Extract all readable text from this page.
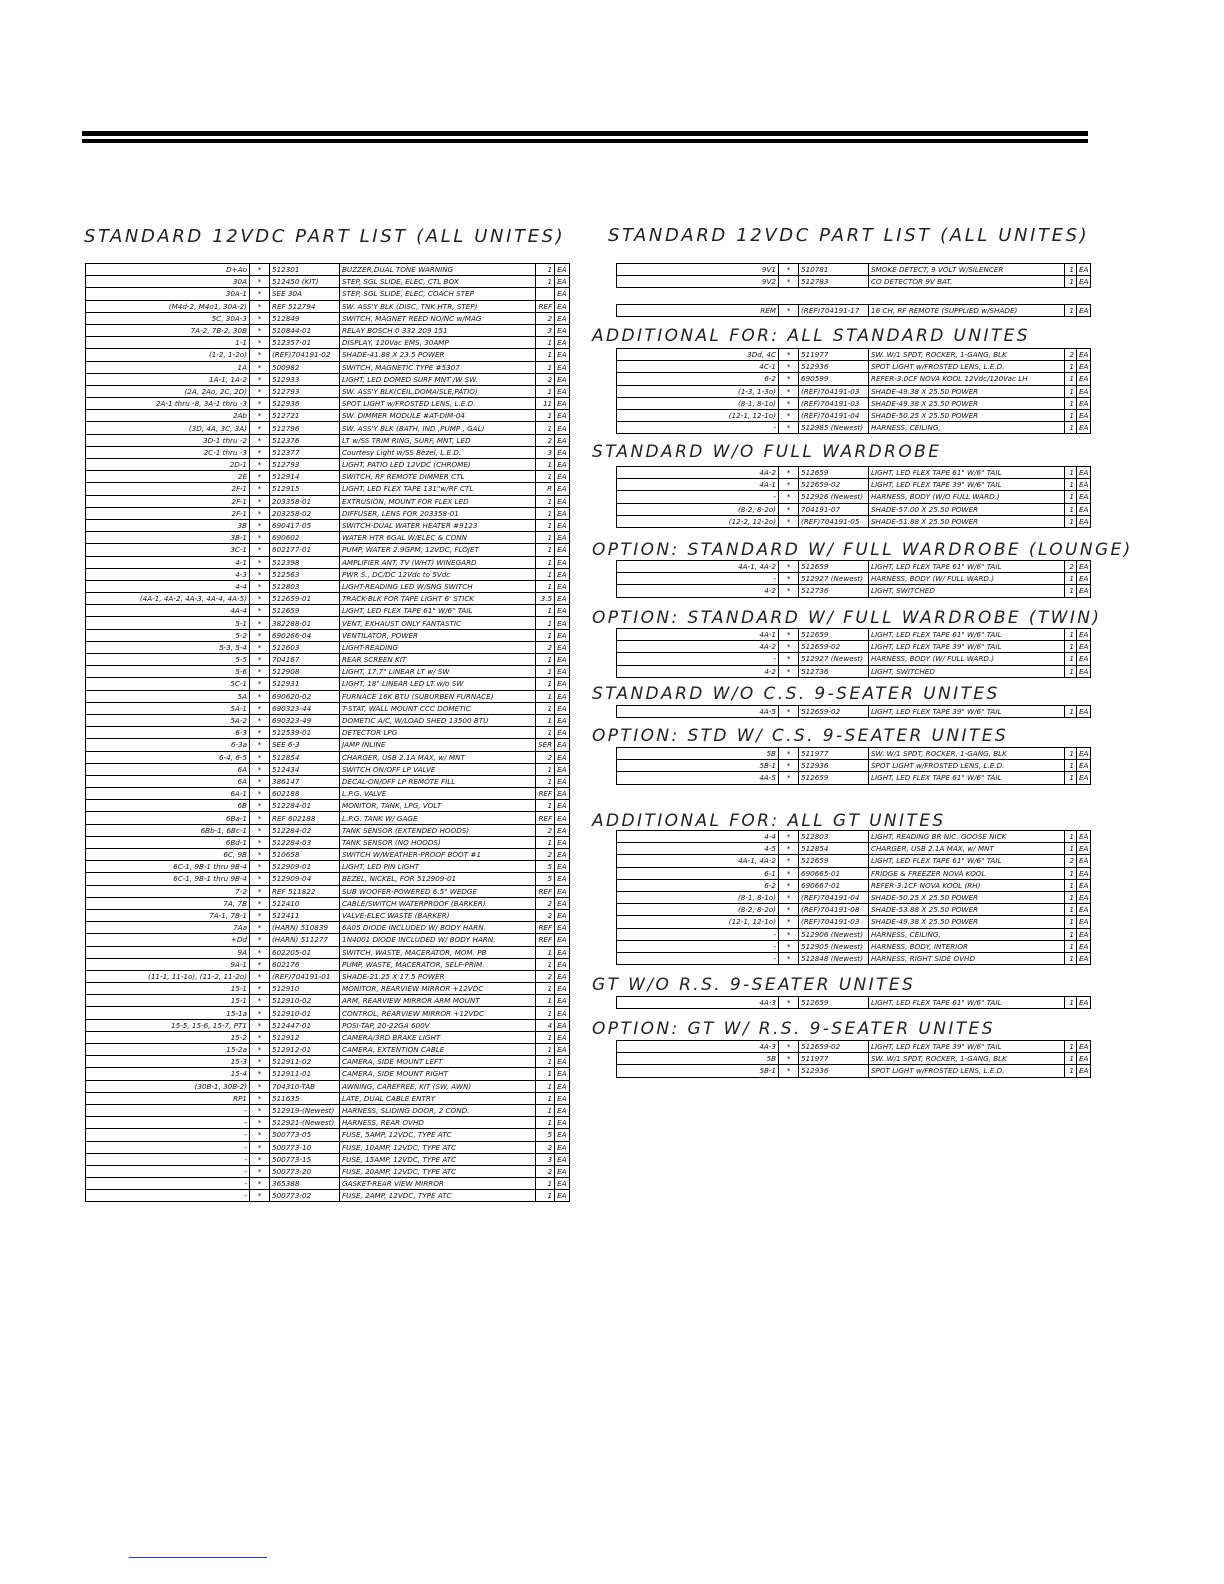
STANDARD 12VDC PART LIST (ALL UNITES) STANDARD 12VDC PART LIST (ALL UNITES)
D+Ao	*	512301	BUZZER,DUAL TONE WARNING	1	EA
30A	*	512450 (KIT)	STEP, SGL SLIDE, ELEC, CTL BOX	1	EA
30A-1	*	SEE 30A	STEP, SGL SLIDE, ELEC, COACH STEP		EA
(M4d-2, M4o1, 30A-2)	*	REF 512794	SW. ASS'Y BLK (DISC, TNK HTR, STEP)	REF	EA
5C, 30A-3	*	512849	SWITCH, MAGNET REED NO/NC w/MAG	2	EA
7A-2, 7B-2, 30B	*	510844-01	RELAY BOSCH 0 332 209 151	3	EA
1-1	*	512357-01	DISPLAY, 120Vac EMS, 30AMP	1	EA
(1-2, 1-2o)	*	(REF)704191-02	SHADE-41.88 X 23.5 POWER	1	EA
1A	*	500982	SWITCH, MAGNETIC TYPE #5307	1	EA
1A-1, 1A-2	*	512933	LIGHT, LED DOMED SURF MNT /W SW.	2	EA
(2A, 2Ao, 2C, 2D)	*	512793	SW. ASS'Y BLK(CEIL,DOMAISLE,PATIO)	1	EA
2A-1 thru -8, 3A-1 thru -3	*	512936	SPOT LIGHT w/FROSTED LENS, L.E.D.	11	EA
2Ab	*	512721	SW. DIMMER MODULE #AT-DIM-04	1	EA
(3D, 4A, 3C, 3A)	*	512796	SW. ASS'Y BLK (BATH, IND ,PUMP , GAL)	1	EA
3D-1 thru -2	*	512376	LT w/SS TRIM RING, SURF, MNT, LED	2	EA
2C-1 thru -3	*	512377	Courtesy Light w/SS Bezel, L.E.D.	3	EA
2D-1	*	512793	LIGHT, PATIO LED 12VDC (CHROME)	1	EA
2E	*	512914	SWITCH, RF REMOTE DIMMER CTL	1	EA
2F-1	*	512915	LIGHT, LED FLEX TAPE 131"w/RF CTL	R	EA
2F-1	*	203358-01	EXTRUSION, MOUNT FOR FLEX LED	1	EA
2F-1	*	203258-02	DIFFUSER, LENS FOR 203358-01	1	EA
3B	*	690417-05	SWITCH-DUAL WATER HEATER #9123	1	EA
3B-1	*	690602	WATER HTR 6GAL W/ELEC & CONN	1	EA
3C-1	*	602177-01	PUMP, WATER 2.9GPM, 12VDC, FLOJET	1	EA
4-1	*	512398	AMPLIFIER ANT, TV (WHT) WINEGARD	1	EA
4-3	*	512563	PWR S., DC/DC 12Vdc to 5Vdc	1	EA
4-4	*	512803	LIGHT-READING LED W/SNG SWITCH	1	EA
(4A-1, 4A-2, 4A-3, 4A-4, 4A-5)	*	512659-01	TRACK-BLK FOR TAPE LIGHT 6' STICK	3.5	EA
4A-4	*	512659	LIGHT, LED FLEX TAPE 61" W/6" TAIL	1	EA
5-1	*	382288-01	VENT, EXHAUST ONLY FANTASTIC	1	EA
5-2	*	690266-04	VENTILATOR, POWER	1	EA
5-3, 5-4	*	512603	LIGHT-READING	2	EA
5-5	*	704167	REAR SCREEN KIT	1	EA
5-6	*	512908	LIGHT, 17.7" LINEAR LT w/ SW	1	EA
5C-1	*	512931	LIGHT, 18" LINEAR LED LT w/o SW	1	EA
5A	*	690620-02	FURNACE 16K BTU (SUBURBEN FURNACE)	1	EA
5A-1	*	690323-44	T-STAT, WALL MOUNT CCC DOMETIC	1	EA
5A-2	*	690323-49	DOMETIC A/C, W/LOAD SHED 13500 BTU	1	EA
6-3	*	512539-01	DETECTOR LPG	1	EA
6-3a	*	SEE 6-3	JAMP INLINE	SER	EA
6-4, 6-5	*	512854	CHARGER, USB 2.1A MAX, w/ MNT	2	EA
6A	*	512434	SWITCH ON/OFF LP VALVE	1	EA
6A	*	386147	DECAL-ON/OFF LP REMOTE FILL	1	EA
6A-1	*	602188	L.P.G. VALVE	REF	EA
6B	*	512284-01	MONITOR, TANK, LPG, VOLT	1	EA
6Ba-1	*	REF 602188	L.P.G. TANK W/ GAGE	REF	EA
6Bb-1, 6Bc-1	*	512284-02	TANK SENSOR (EXTENDED HOODS)	2	EA
6Bd-1	*	512284-03	TANK SENSOR (NO HOODS)	1	EA
6C, 9B	*	510658	SWITCH W/WEATHER-PROOF BOOT #1	2	EA
6C-1, 9B-1 thru 9B-4	*	512909-01	LIGHT, LED PIN LIGHT	5	EA
6C-1, 9B-1 thru 9B-4	*	512909-04	BEZEL, NICKEL, FOR 512909-01	5	EA
7-2	*	REF 511822	SUB WOOFER-POWERED 6.5" WEDGE	REF	EA
7A, 7B	*	512410	CABLE/SWITCH WATERPROOF (BARKER)	2	EA
7A-1, 7B-1	*	512411	VALVE-ELEC.WASTE (BARKER)	2	EA
7Aa	*	(HARN) 510839	6A05 DIODE INCLUDED W/ BODY HARN.	REF	EA
+Dd	*	(HARN) 511277	1N4001 DIODE INCLUDED W/ BODY HARN.	REF	EA
9A	*	602205-01	SWITCH, WASTE, MACERATOR, MOM. PB	1	EA
9A-1	*	602176	PUMP, WASTE, MACERATOR, SELF-PRIM.	1	EA
(11-1, 11-1o), (11-2, 11-2o)	*	(REF)704191-01	SHADE-21.25 X 17.5 POWER	2	EA
15-1	*	512910	MONITOR, REARVIEW MIRROR +12VDC	1	EA
15-1	*	512910-02	ARM, REARVIEW MIRROR ARM MOUNT	1	EA
15-1a	*	512910-01	CONTROL, REARVIEW MIRROR +12VDC	1	EA
15-5, 15-6, 15-7, PT1	*	512447-01	POSI-TAP, 20-22GA 600V	4	EA
15-2	*	512912	CAMERA/3RD BRAKE LIGHT	1	EA
15-2a	*	512912-01	CAMERA, EXTENTION CABLE	1	EA
15-3	*	512911-02	CAMERA, SIDE MOUNT LEFT	1	EA
15-4	*	512911-01	CAMERA, SIDE MOUNT RIGHT	1	EA
(30B-1, 30B-2)	*	704310-TAB	AWNING, CAREFREE, KIT (SW, AWN)	1	EA
RP1	*	511635	LATE, DUAL CABLE ENTRY	1	EA
-	*	512919-(Newest)	HARNESS, SLIDING DOOR, 2 COND.	1	EA
-	*	512921-(Newest)	HARNESS, REAR OVHD	1	EA
-	*	500773-05	FUSE, 5AMP, 12VDC, TYPE ATC	5	EA
-	*	500773-10	FUSE, 10AMP, 12VDC, TYPE ATC	2	EA
-	*	500773-15	FUSE, 15AMP, 12VDC, TYPE ATC	3	EA
-	*	500773-20	FUSE, 20AMP, 12VDC, TYPE ATC	2	EA
-	*	365388	GASKET-REAR VIEW MIRROR	1	EA
-	*	500773-02	FUSE, 2AMP, 12VDC, TYPE ATC	1	EA
9V1	*	510781	SMOKE DETECT, 9 VOLT W/SILENCER	1	EA
9V2	*	512783	CO DETECTOR 9V BAT.	1	EA
REM	*	(REF)704191-17	16 CH, RF REMOTE (SUPPLIED w/SHADE)	1	EA
ADDITIONAL FOR: ALL STANDARD UNITES
3Dd, 4C	*	511977	SW. W/1 SPDT, ROCKER, 1-GANG, BLK	2	EA
4C-1	*	512936	SPOT LIGHT w/FROSTED LENS, L.E.D.	1	EA
6-2	*	690599	REFER-3.0CF NOVA KOOL 12Vdc/120Vac LH	1	EA
(1-3, 1-3o)	*	(REF)704191-03	SHADE-49.38 X 25.50 POWER	1	EA
(8-1, 8-1o)	*	(REF)704191-03	SHADE-49.38 X 25.50 POWER	1	EA
(12-1, 12-1o)	*	(REF)704191-04	SHADE-50.25 X 25.50 POWER	1	EA
-	*	512985 (Newest)	HARNESS, CEILING,	1	EA
STANDARD W/O FULL WARDROBE
4A-2	*	512659	LIGHT, LED FLEX TAPE 61" W/6" TAIL	1	EA
4A-1	*	512659-02	LIGHT, LED FLEX TAPE 39" W/6" TAIL	1	EA
-	*	512926 (Newest)	HARNESS, BODY (W/O FULL WARD.)	1	EA
(8-2, 8-2o)	*	704191-07	SHADE-57.00 X 25.50 POWER	1	EA
(12-2, 12-2o)	*	(REF)704191-05	SHADE-51.88 X 25.50 POWER	1	EA
OPTION: STANDARD W/ FULL WARDROBE (LOUNGE)
4A-1, 4A-2	*	512659	LIGHT, LED FLEX TAPE 61" W/6" TAIL	2	EA
-	*	512927 (Newest)	HARNESS, BODY (W/ FULL WARD.)	1	EA
4-2	*	512736	LIGHT, SWITCHED	1	EA
OPTION: STANDARD W/ FULL WARDROBE (TWIN)
4A-1	*	512659	LIGHT, LED FLEX TAPE 61" W/6" TAIL	1	EA
4A-2	*	512659-02	LIGHT, LED FLEX TAPE 39" W/6" TAIL	1	EA
-	*	512927 (Newest)	HARNESS, BODY (W/ FULL WARD.)	1	EA
4-2	*	512736	LIGHT, SWITCHED	1	EA
STANDARD W/O C.S. 9-SEATER UNITES
4A-5	*	512659-02	LIGHT, LED FLEX TAPE 39" W/6" TAIL	1	EA
OPTION: STD W/ C.S. 9-SEATER UNITES
5B	*	511977	SW. W/1 SPDT, ROCKER, 1-GANG, BLK	1	EA
5B-1	*	512936	SPOT LIGHT w/FROSTED LENS, L.E.D.	1	EA
4A-5	*	512659	LIGHT, LED FLEX TAPE 61" W/6" TAIL	1	EA
ADDITIONAL FOR: ALL GT UNITES
4-4	*	512803	LIGHT, READING BR NIC. GOOSE NICK	1	EA
4-5	*	512854	CHARGER, USB 2.1A MAX, w/ MNT	1	EA
4A-1, 4A-2	*	512659	LIGHT, LED FLEX TAPE 61" W/6" TAIL	2	EA
6-1	*	690665-01	FRIDGE & FREEZER NOVA KOOL	1	EA
6-2	*	690667-01	REFER-3.1CF NOVA KOOL (RH)	1	EA
(8-1, 8-1o)	*	(REF)704191-04	SHADE-50.25 X 25.50 POWER	1	EA
(8-2, 8-2o)	*	(REF)704191-08	SHADE-53.88 X 25.50 POWER	1	EA
(12-1, 12-1o)	*	(REF)704191-03	SHADE-49.38 X 25.50 POWER	1	EA
-	*	512906 (Newest)	HARNESS, CEILING,	1	EA
-	*	512905 (Newest)	HARNESS, BODY, INTERIOR	1	EA
-	*	512848 (Newest)	HARNESS, RIGHT SIDE OVHD	1	EA
GT W/O R.S. 9-SEATER UNITES
4A-3	*	512659	LIGHT, LED FLEX TAPE 61" W/6" TAIL	1	EA
OPTION: GT W/ R.S. 9-SEATER UNITES
4A-3	*	512659-02	LIGHT, LED FLEX TAPE 39" W/6" TAIL	1	EA
5B	*	511977	SW. W/1 SPDT, ROCKER, 1-GANG, BLK	1	EA
5B-1	*	512936	SPOT LIGHT w/FROSTED LENS, L.E.D.	1	EA
